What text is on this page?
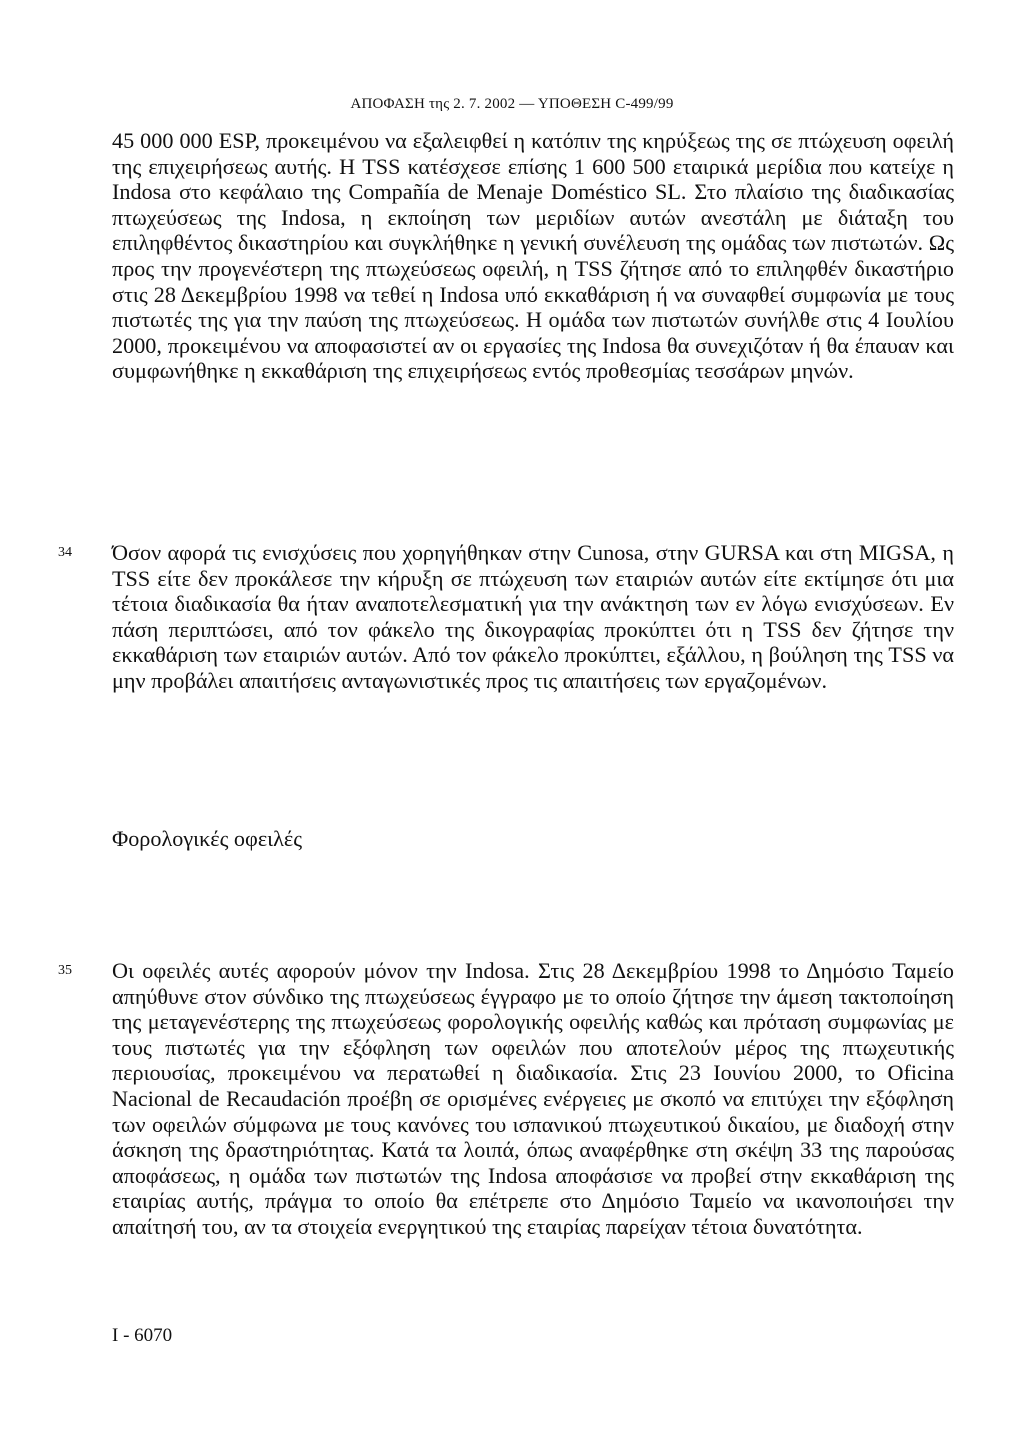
ΑΠΟΦΑΣΗ της 2. 7. 2002 — ΥΠΟΘΕΣΗ C-499/99

45 000 000 ESP, προκειμένου να εξαλειφθεί η κατόπιν της κηρύξεως της σε πτώχευση οφειλή της επιχειρήσεως αυτής. Η TSS κατέσχεσε επίσης 1 600 500 εταιρικά μερίδια που κατείχε η Indosa στο κεφάλαιο της Compañía de Menaje Doméstico SL. Στο πλαίσιο της διαδικασίας πτωχεύσεως της Indosa, η εκποίηση των μεριδίων αυτών ανεστάλη με διάταξη του επιληφθέντος δικαστηρίου και συγκλήθηκε η γενική συνέλευση της ομάδας των πιστωτών. Ως προς την προγενέστερη της πτωχεύσεως οφειλή, η TSS ζήτησε από το επιληφθέν δικαστήριο στις 28 Δεκεμβρίου 1998 να τεθεί η Indosa υπό εκκαθάριση ή να συναφθεί συμφωνία με τους πιστωτές της για την παύση της πτωχεύσεως. Η ομάδα των πιστωτών συνήλθε στις 4 Ιουλίου 2000, προκειμένου να αποφασιστεί αν οι εργασίες της Indosa θα συνεχιζόταν ή θα έπαυαν και συμφωνήθηκε η εκκαθάριση της επιχειρήσεως εντός προθεσμίας τεσσάρων μηνών.

34 Όσον αφορά τις ενισχύσεις που χορηγήθηκαν στην Cunosa, στην GURSA και στη MIGSA, η TSS είτε δεν προκάλεσε την κήρυξη σε πτώχευση των εταιριών αυτών είτε εκτίμησε ότι μια τέτοια διαδικασία θα ήταν αναποτελεσματική για την ανάκτηση των εν λόγω ενισχύσεων. Εν πάση περιπτώσει, από τον φάκελο της δικογραφίας προκύπτει ότι η TSS δεν ζήτησε την εκκαθάριση των εταιριών αυτών. Από τον φάκελο προκύπτει, εξάλλου, η βούληση της TSS να μην προβάλει απαιτήσεις ανταγωνιστικές προς τις απαιτήσεις των εργαζομένων.

Φορολογικές οφειλές
35 Οι οφειλές αυτές αφορούν μόνον την Indosa. Στις 28 Δεκεμβρίου 1998 το Δημόσιο Ταμείο απηύθυνε στον σύνδικο της πτωχεύσεως έγγραφο με το οποίο ζήτησε την άμεση τακτοποίηση της μεταγενέστερης της πτωχεύσεως φορολογικής οφειλής καθώς και πρόταση συμφωνίας με τους πιστωτές για την εξόφληση των οφειλών που αποτελούν μέρος της πτωχευτικής περιουσίας, προκειμένου να περατωθεί η διαδικασία. Στις 23 Ιουνίου 2000, το Oficina Nacional de Recaudación προέβη σε ορισμένες ενέργειες με σκοπό να επιτύχει την εξόφληση των οφειλών σύμφωνα με τους κανόνες του ισπανικού πτωχευτικού δικαίου, με διαδοχή στην άσκηση της δραστηριότητας. Κατά τα λοιπά, όπως αναφέρθηκε στη σκέψη 33 της παρούσας αποφάσεως, η ομάδα των πιστωτών της Indosa αποφάσισε να προβεί στην εκκαθάριση της εταιρίας αυτής, πράγμα το οποίο θα επέτρεπε στο Δημόσιο Ταμείο να ικανοποιήσει την απαίτησή του, αν τα στοιχεία ενεργητικού της εταιρίας παρείχαν τέτοια δυνατότητα.

I - 6070
